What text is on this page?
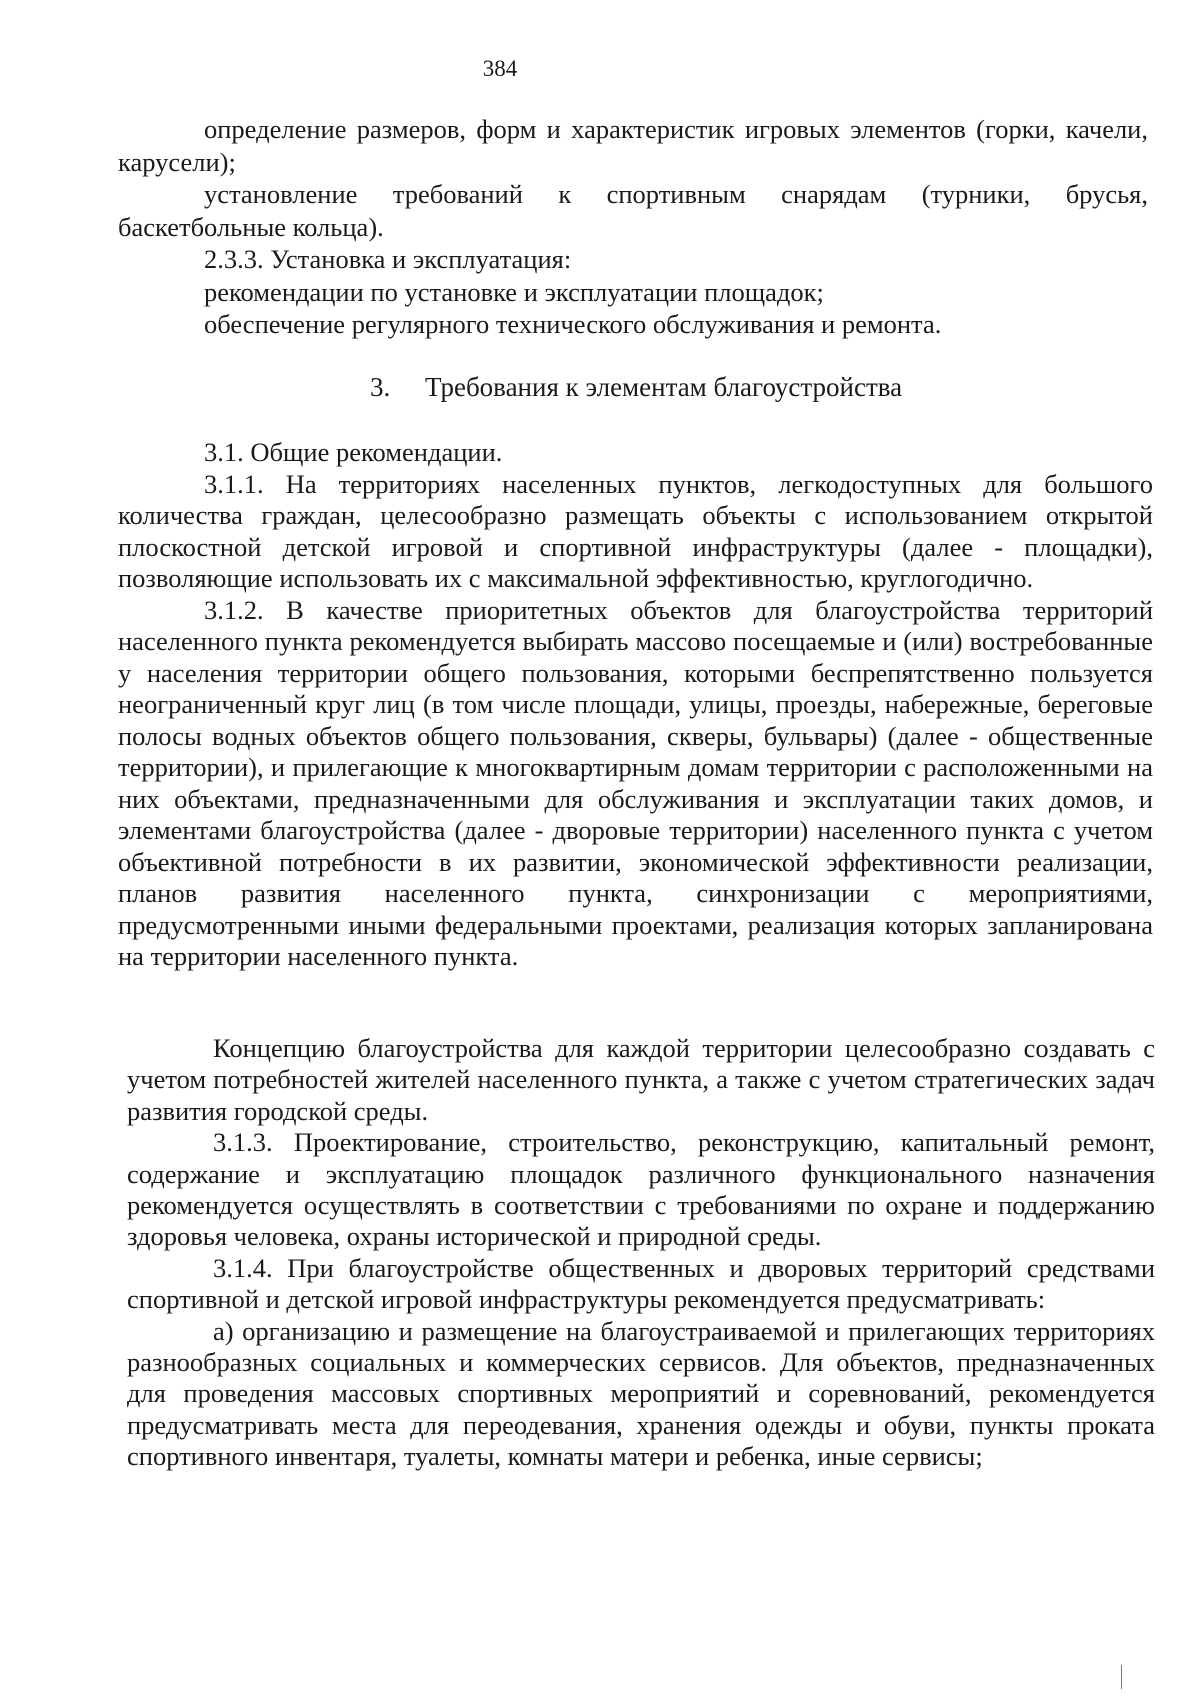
384

определение размеров, форм и характеристик игровых элементов (горки, качели, карусели);

установление требований к спортивным снарядам (турники, брусья, баскетбольные кольца).

2.3.3. Установка и эксплуатация:

рекомендации по установке и эксплуатации площадок;

обеспечение регулярного технического обслуживания и ремонта.

3. Требования к элементам благоустройства

3.1. Общие рекомендации.

3.1.1. На территориях населенных пунктов, легкодоступных для большого количества граждан, целесообразно размещать объекты с использованием открытой плоскостной детской игровой и спортивной инфраструктуры (далее - площадки), позволяющие использовать их с максимальной эффективностью, круглогодично.

3.1.2. В качестве приоритетных объектов для благоустройства территорий населенного пункта рекомендуется выбирать массово посещаемые и (или) востребованные у населения территории общего пользования, которыми беспрепятственно пользуется неограниченный круг лиц (в том числе площади, улицы, проезды, набережные, береговые полосы водных объектов общего пользования, скверы, бульвары) (далее - общественные территории), и прилегающие к многоквартирным домам территории с расположенными на них объектами, предназначенными для обслуживания и эксплуатации таких домов, и элементами благоустройства (далее - дворовые территории) населенного пункта с учетом объективной потребности в их развитии, экономической эффективности реализации, планов развития населенного пункта, синхронизации с мероприятиями, предусмотренными иными федеральными проектами, реализация которых запланирована на территории населенного пункта.

Концепцию благоустройства для каждой территории целесообразно создавать с учетом потребностей жителей населенного пункта, а также с учетом стратегических задач развития городской среды.

3.1.3. Проектирование, строительство, реконструкцию, капитальный ремонт, содержание и эксплуатацию площадок различного функционального назначения рекомендуется осуществлять в соответствии с требованиями по охране и поддержанию здоровья человека, охраны исторической и природной среды.

3.1.4. При благоустройстве общественных и дворовых территорий средствами спортивной и детской игровой инфраструктуры рекомендуется предусматривать:

а) организацию и размещение на благоустраиваемой и прилегающих территориях разнообразных социальных и коммерческих сервисов. Для объектов, предназначенных для проведения массовых спортивных мероприятий и соревнований, рекомендуется предусматривать места для переодевания, хранения одежды и обуви, пункты проката спортивного инвентаря, туалеты, комнаты матери и ребенка, иные сервисы;
